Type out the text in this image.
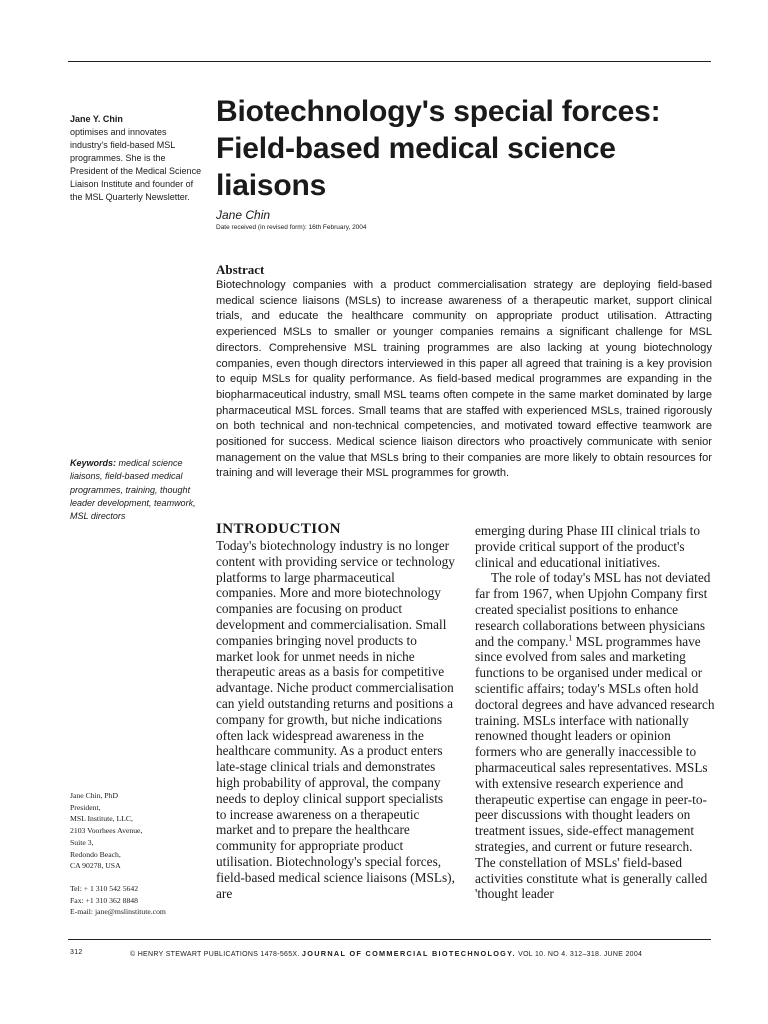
Jane Y. Chin
optimises and innovates industry's field-based MSL programmes. She is the President of the Medical Science Liaison Institute and founder of the MSL Quarterly Newsletter.
Biotechnology's special forces: Field-based medical science liaisons
Jane Chin
Date received (in revised form): 16th February, 2004
Abstract

Biotechnology companies with a product commercialisation strategy are deploying field-based medical science liaisons (MSLs) to increase awareness of a therapeutic market, support clinical trials, and educate the healthcare community on appropriate product utilisation. Attracting experienced MSLs to smaller or younger companies remains a significant challenge for MSL directors. Comprehensive MSL training programmes are also lacking at young biotechnology companies, even though directors interviewed in this paper all agreed that training is a key provision to equip MSLs for quality performance. As field-based medical programmes are expanding in the biopharmaceutical industry, small MSL teams often compete in the same market dominated by large pharmaceutical MSL forces. Small teams that are staffed with experienced MSLs, trained rigorously on both technical and non-technical competencies, and motivated toward effective teamwork are positioned for success. Medical science liaison directors who proactively communicate with senior management on the value that MSLs bring to their companies are more likely to obtain resources for training and will leverage their MSL programmes for growth.

Keywords: medical science liaisons, field-based medical programmes, training, thought leader development, teamwork, MSL directors
INTRODUCTION

Today's biotechnology industry is no longer content with providing service or technology platforms to large pharmaceutical companies. More and more biotechnology companies are focusing on product development and commercialisation. Small companies bringing novel products to market look for unmet needs in niche therapeutic areas as a basis for competitive advantage. Niche product commercialisation can yield outstanding returns and positions a company for growth, but niche indications often lack widespread awareness in the healthcare community. As a product enters late-stage clinical trials and demonstrates high probability of approval, the company needs to deploy clinical support specialists to increase awareness on a therapeutic market and to prepare the healthcare community for appropriate product utilisation. Biotechnology's special forces, field-based medical science liaisons (MSLs), are

emerging during Phase III clinical trials to provide critical support of the product's clinical and educational initiatives.

The role of today's MSL has not deviated far from 1967, when Upjohn Company first created specialist positions to enhance research collaborations between physicians and the company.$^1$ MSL programmes have since evolved from sales and marketing functions to be organised under medical or scientific affairs; today's MSLs often hold doctoral degrees and have advanced research training. MSLs interface with nationally renowned thought leaders or opinion formers who are generally inaccessible to pharmaceutical sales representatives. MSLs with extensive research experience and therapeutic expertise can engage in peer-to-peer discussions with thought leaders on treatment issues, side-effect management strategies, and current or future research. The constellation of MSLs' field-based activities constitute what is generally called 'thought leader

Jane Chin, PhD
President,
MSL Institute, LLC,
2103 Voorhees Avenue,
Suite 3,
Redondo Beach,
CA 90278, USA
Tel: + 1 310 542 5642
Fax: +1 310 362 8848
E-mail: jane@mslinstitute.com
312	© HENRY STEWART PUBLICATIONS 1478-565X. JOURNAL OF COMMERCIAL BIOTECHNOLOGY. VOL 10. NO 4. 312–318. JUNE 2004
